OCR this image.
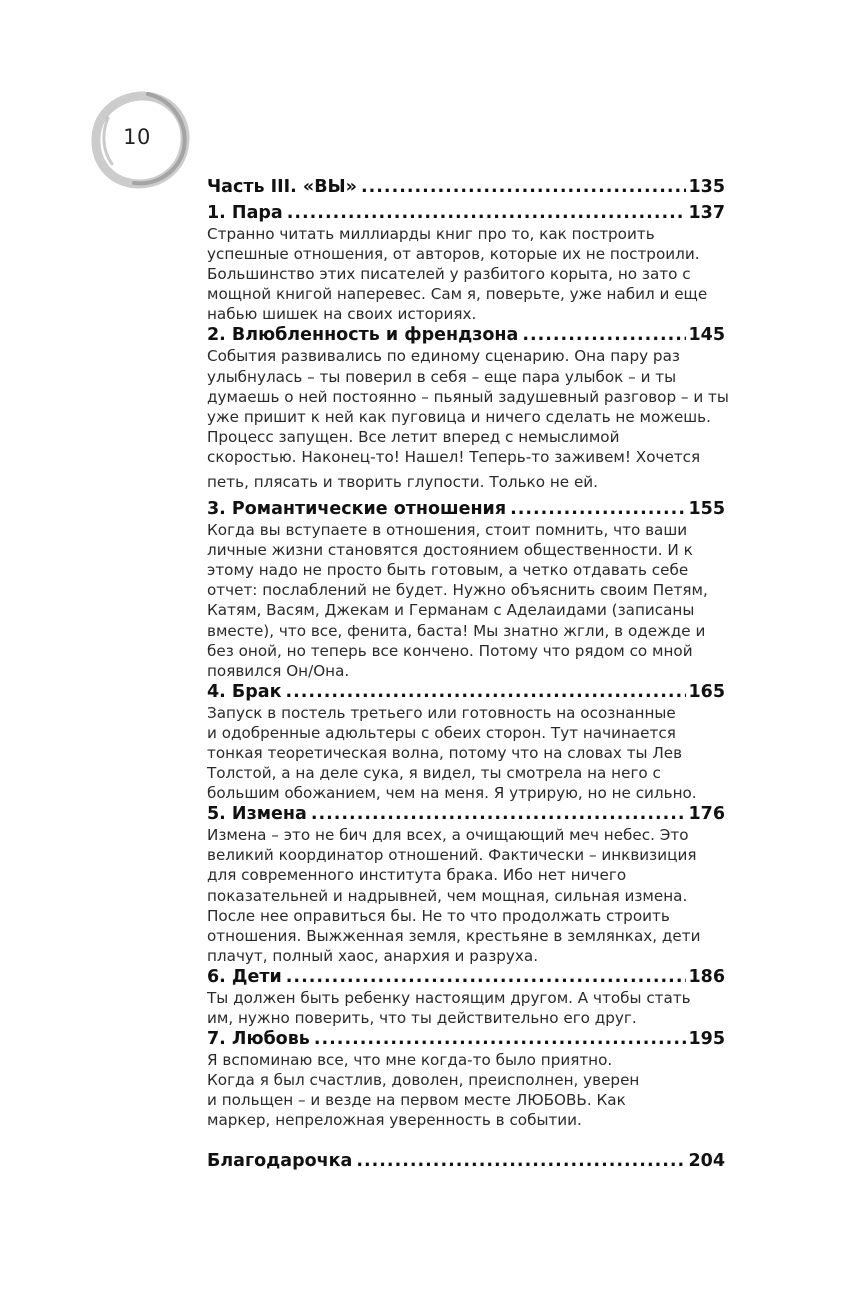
10
Часть III. «ВЫ» .....	135
1. Пара .....	137
Странно читать миллиарды книг про то, как построить
успешные отношения, от авторов, которые их не построили.
Большинство этих писателей у разбитого корыта, но зато с
мощной книгой наперевес. Сам я, поверьте, уже набил и еще
набью шишек на своих историях.
2. Влюбленность и френдзона .....	145
События развивались по единому сценарию. Она пару раз
улыбнулась – ты поверил в себя – еще пара улыбок – и ты
думаешь о ней постоянно – пьяный задушевный разговор – и ты
уже пришит к ней как пуговица и ничего сделать не можешь.
Процесс запущен. Все летит вперед с немыслимой
скоростью. Наконец-то! Нашел! Теперь-то заживем! Хочется
петь, плясать и творить глупости. Только не ей.
3. Романтические отношения .....	155
Когда вы вступаете в отношения, стоит помнить, что ваши
личные жизни становятся достоянием общественности. И к
этому надо не просто быть готовым, а четко отдавать себе
отчет: послаблений не будет. Нужно объяснить своим Петям,
Катям, Васям, Джекам и Германам с Аделаидами (записаны
вместе), что все, фенита, баста! Мы знатно жгли, в одежде и
без оной, но теперь все кончено. Потому что рядом со мной
появился Он/Она.
4. Брак .....	165
Запуск в постель третьего или готовность на осознанные
и одобренные адюльтеры с обеих сторон. Тут начинается
тонкая теоретическая волна, потому что на словах ты Лев
Толстой, а на деле сука, я видел, ты смотрела на него с
большим обожанием, чем на меня. Я утрирую, но не сильно.
5. Измена .....	176
Измена – это не бич для всех, а очищающий меч небес. Это
великий координатор отношений. Фактически – инквизиция
для современного института брака. Ибо нет ничего
показательней и надрывней, чем мощная, сильная измена.
После нее оправиться бы. Не то что продолжать строить
отношения. Выжженная земля, крестьяне в землянках, дети
плачут, полный хаос, анархия и разруха.
6. Дети .....	186
Ты должен быть ребенку настоящим другом. А чтобы стать
им, нужно поверить, что ты действительно его друг.
7. Любовь .....	195
Я вспоминаю все, что мне когда-то было приятно.
Когда я был счастлив, доволен, преисполнен, уверен
и польщен – и везде на первом месте ЛЮБОВЬ. Как
маркер, непреложная уверенность в событии.
Благодарочка .....	204
